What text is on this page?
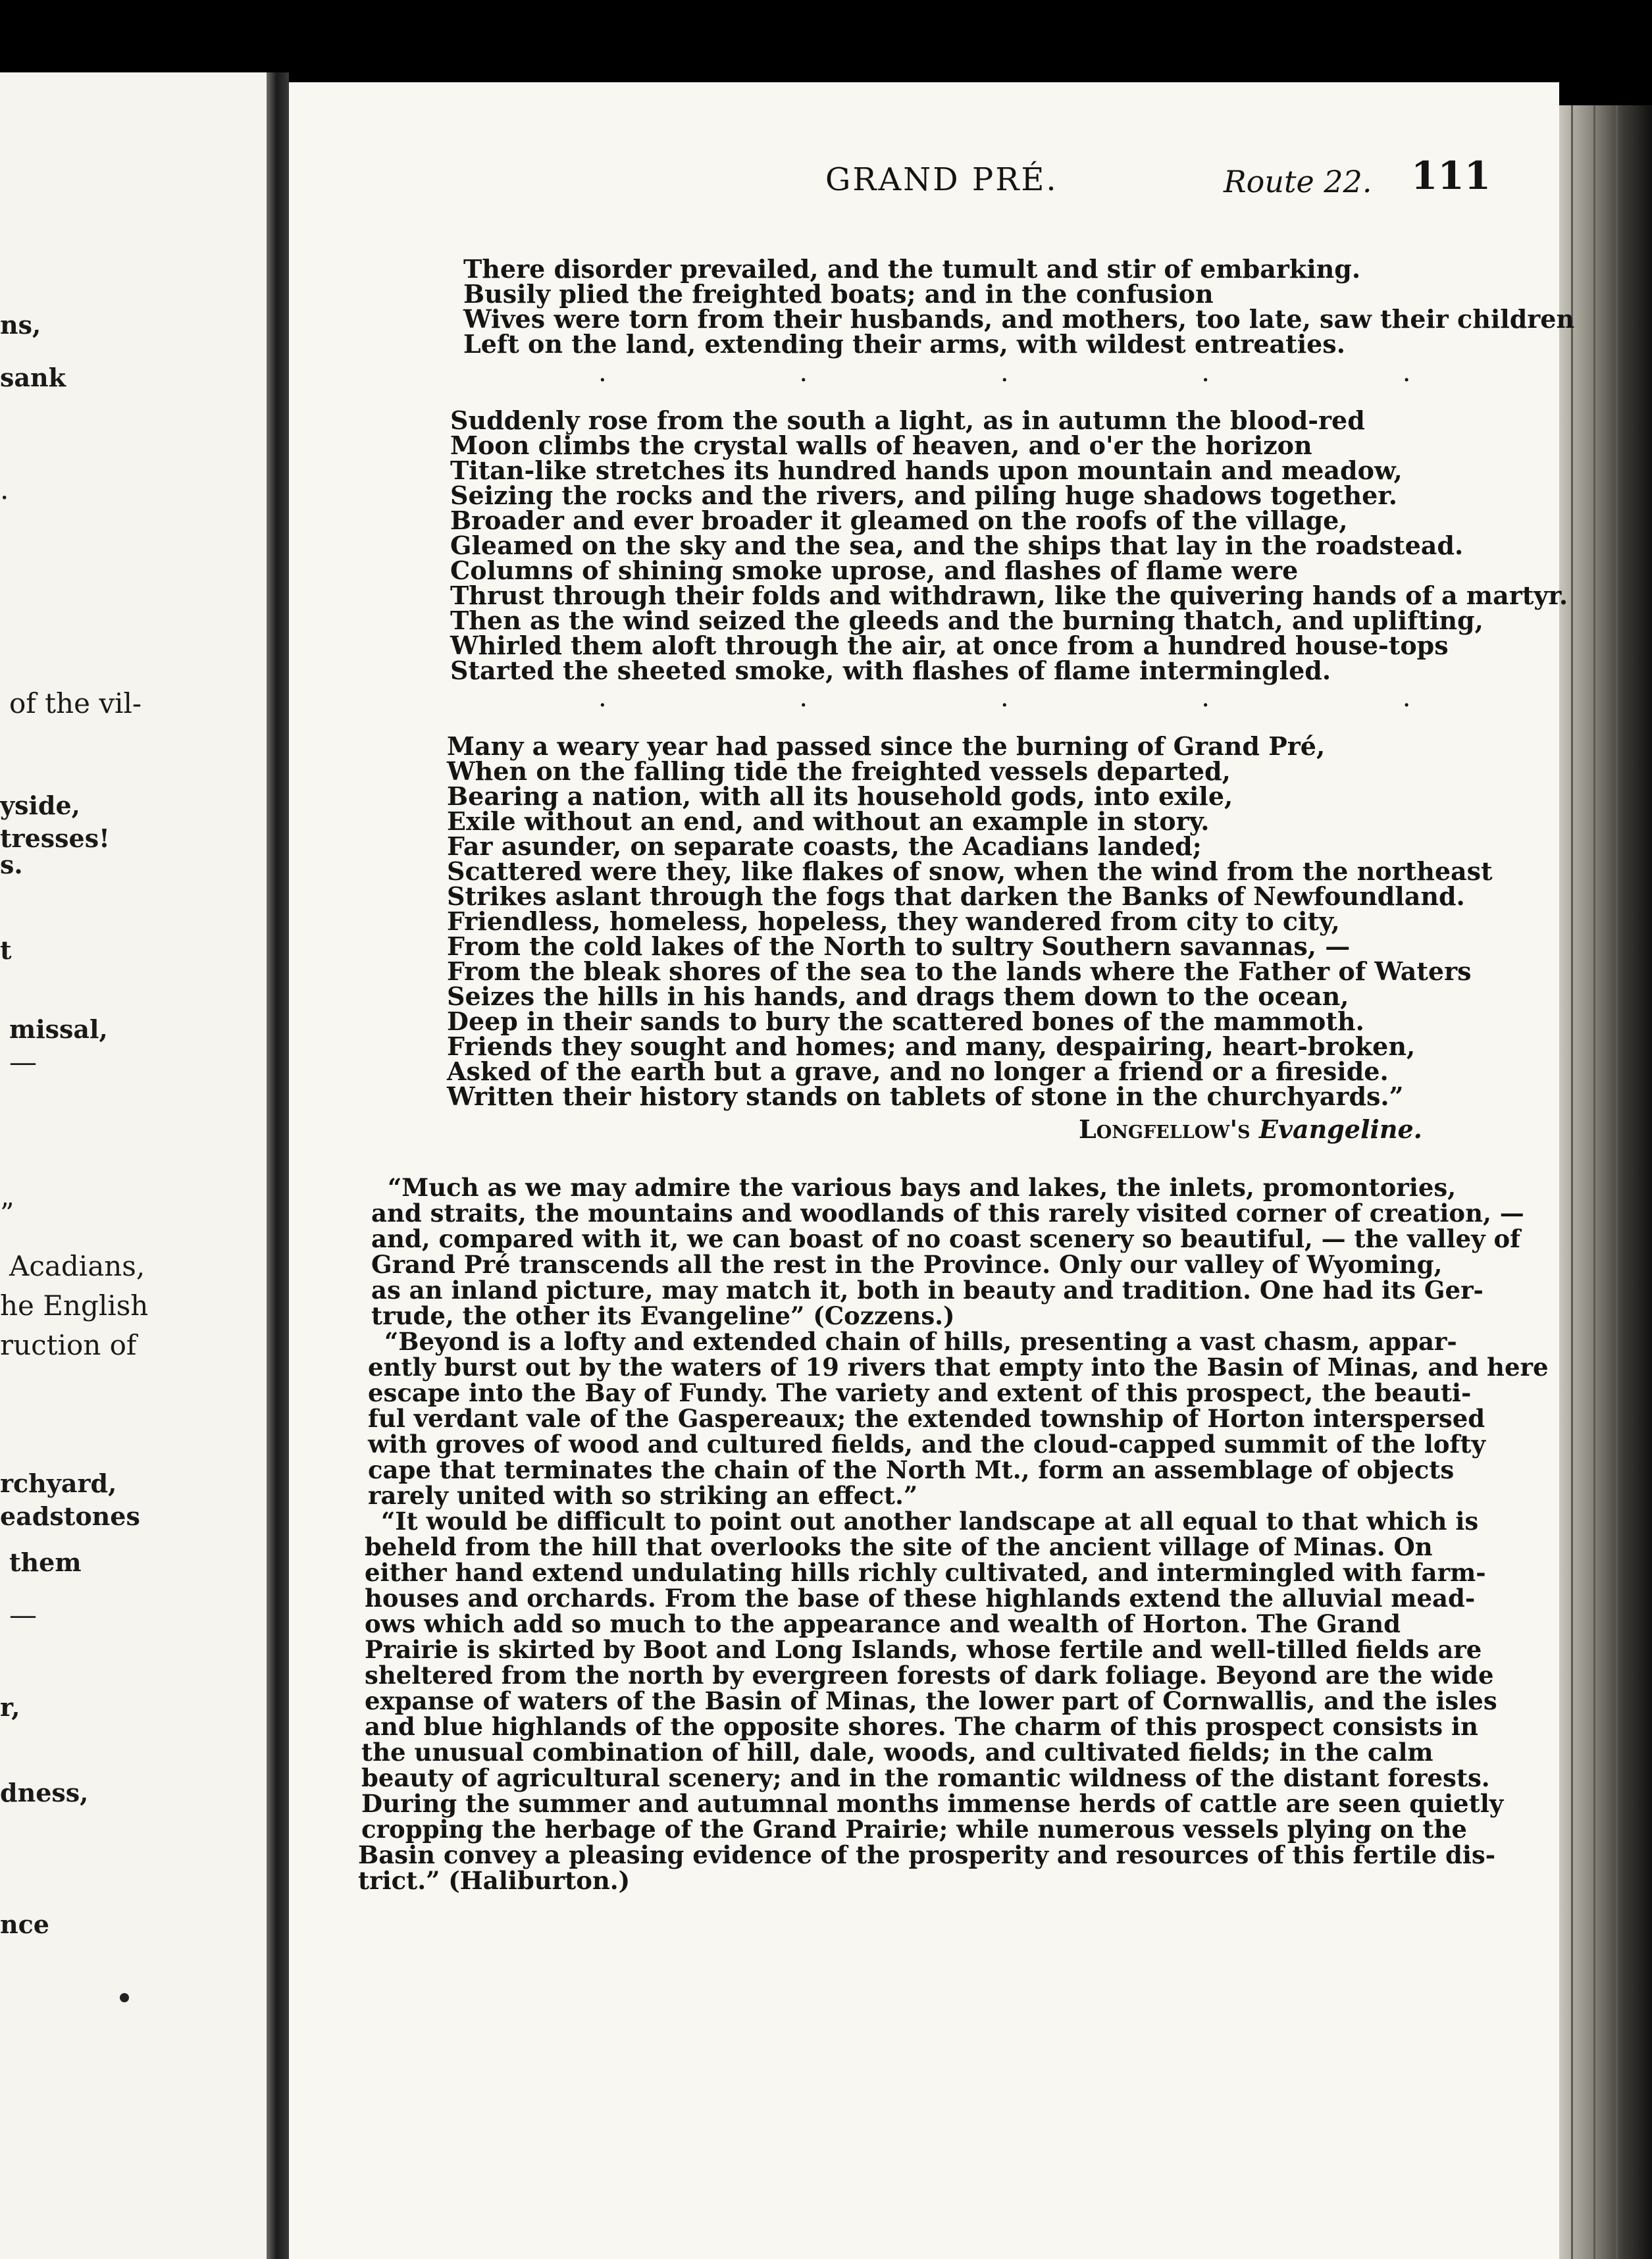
ns,
sank
.
of the vil-
yside,
tresses!
s.
t
missal,
—
”
Acadians,
he English
ruction of
rchyard,
eadstones
them
—
r,
dness,
nce
GRAND PRÉ.	Route 22. 111
There disorder prevailed, and the tumult and stir of embarking.
Busily plied the freighted boats; and in the confusion
Wives were torn from their husbands, and mothers, too late, saw their children
Left on the land, extending their arms, with wildest entreaties.
. . . . .
Suddenly rose from the south a light, as in autumn the blood-red
Moon climbs the crystal walls of heaven, and o'er the horizon
Titan-like stretches its hundred hands upon mountain and meadow,
Seizing the rocks and the rivers, and piling huge shadows together.
Broader and ever broader it gleamed on the roofs of the village,
Gleamed on the sky and the sea, and the ships that lay in the roadstead.
Columns of shining smoke uprose, and flashes of flame were
Thrust through their folds and withdrawn, like the quivering hands of a martyr.
Then as the wind seized the gleeds and the burning thatch, and uplifting,
Whirled them aloft through the air, at once from a hundred house-tops
Started the sheeted smoke, with flashes of flame intermingled.
. . . . .
Many a weary year had passed since the burning of Grand Pré,
When on the falling tide the freighted vessels departed,
Bearing a nation, with all its household gods, into exile,
Exile without an end, and without an example in story.
Far asunder, on separate coasts, the Acadians landed;
Scattered were they, like flakes of snow, when the wind from the northeast
Strikes aslant through the fogs that darken the Banks of Newfoundland.
Friendless, homeless, hopeless, they wandered from city to city,
From the cold lakes of the North to sultry Southern savannas, —
From the bleak shores of the sea to the lands where the Father of Waters
Seizes the hills in his hands, and drags them down to the ocean,
Deep in their sands to bury the scattered bones of the mammoth.
Friends they sought and homes; and many, despairing, heart-broken,
Asked of the earth but a grave, and no longer a friend or a fireside.
Written their history stands on tablets of stone in the churchyards.”
Longfellow's Evangeline.
“Much as we may admire the various bays and lakes, the inlets, promontories,
and straits, the mountains and woodlands of this rarely visited corner of creation, —
and, compared with it, we can boast of no coast scenery so beautiful, — the valley of
Grand Pré transcends all the rest in the Province. Only our valley of Wyoming,
as an inland picture, may match it, both in beauty and tradition. One had its Ger-
trude, the other its Evangeline” (Cozzens.)
“Beyond is a lofty and extended chain of hills, presenting a vast chasm, appar-
ently burst out by the waters of 19 rivers that empty into the Basin of Minas, and here
escape into the Bay of Fundy. The variety and extent of this prospect, the beauti-
ful verdant vale of the Gaspereaux; the extended township of Horton interspersed
with groves of wood and cultured fields, and the cloud-capped summit of the lofty
cape that terminates the chain of the North Mt., form an assemblage of objects
rarely united with so striking an effect.”
“It would be difficult to point out another landscape at all equal to that which is
beheld from the hill that overlooks the site of the ancient village of Minas. On
either hand extend undulating hills richly cultivated, and intermingled with farm-
houses and orchards. From the base of these highlands extend the alluvial mead-
ows which add so much to the appearance and wealth of Horton. The Grand
Prairie is skirted by Boot and Long Islands, whose fertile and well-tilled fields are
sheltered from the north by evergreen forests of dark foliage. Beyond are the wide
expanse of waters of the Basin of Minas, the lower part of Cornwallis, and the isles
and blue highlands of the opposite shores. The charm of this prospect consists in
the unusual combination of hill, dale, woods, and cultivated fields; in the calm
beauty of agricultural scenery; and in the romantic wildness of the distant forests.
During the summer and autumnal months immense herds of cattle are seen quietly
cropping the herbage of the Grand Prairie; while numerous vessels plying on the
Basin convey a pleasing evidence of the prosperity and resources of this fertile dis-
trict.” (Haliburton.)
